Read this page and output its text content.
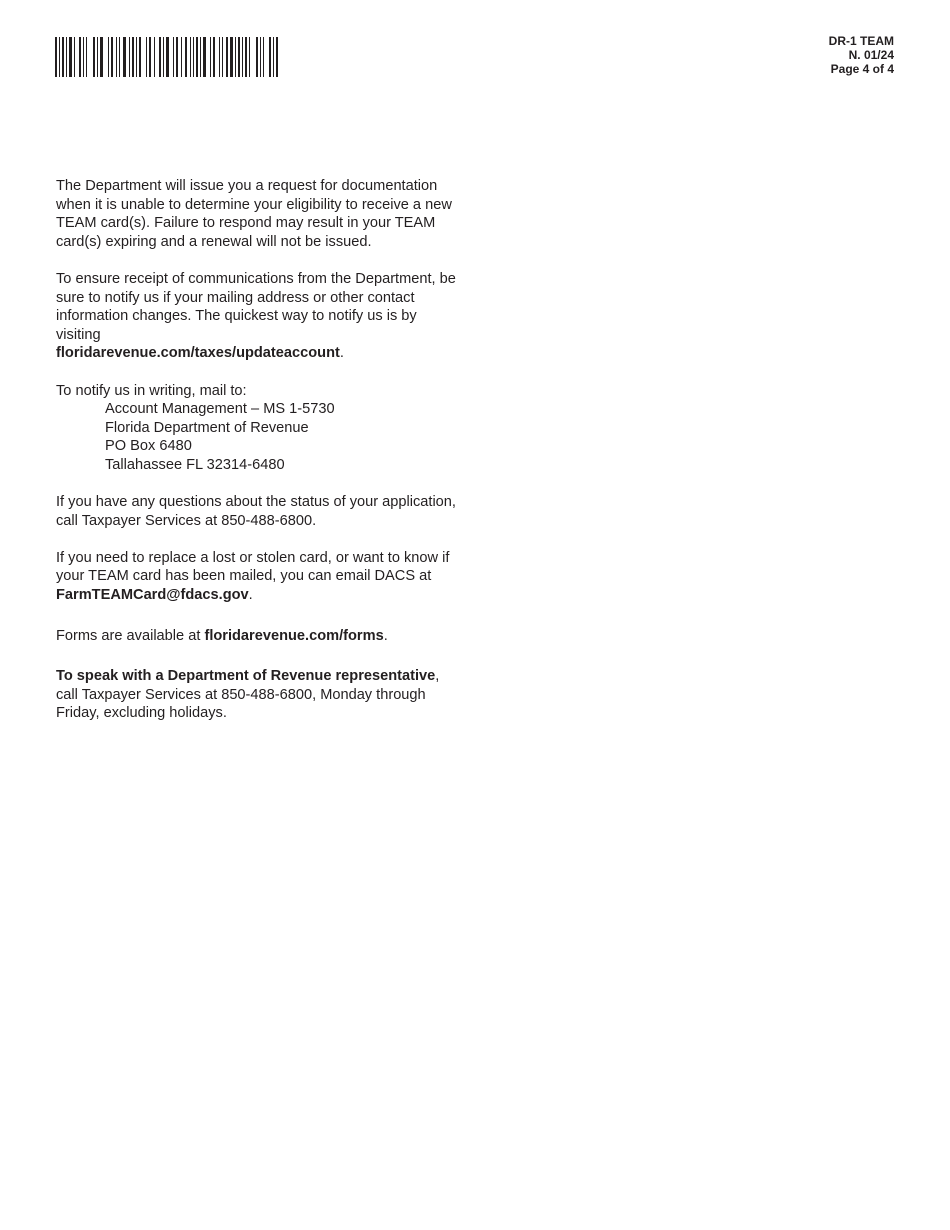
DR-1 TEAM
N. 01/24
Page 4 of 4

The Department will issue you a request for documentation when it is unable to determine your eligibility to receive a new TEAM card(s). Failure to respond may result in your TEAM card(s) expiring and a renewal will not be issued.

To ensure receipt of communications from the Department, be sure to notify us if your mailing address or other contact information changes. The quickest way to notify us is by visiting
floridarevenue.com/taxes/updateaccount.

To notify us in writing, mail to:

Account Management – MS 1-5730
Florida Department of Revenue
PO Box 6480
Tallahassee FL 32314-6480

If you have any questions about the status of your application, call Taxpayer Services at 850-488-6800.

If you need to replace a lost or stolen card, or want to know if your TEAM card has been mailed, you can email DACS at FarmTEAMCard@fdacs.gov.

Forms are available at floridarevenue.com/forms.

To speak with a Department of Revenue representative, call Taxpayer Services at 850-488-6800, Monday through Friday, excluding holidays.
